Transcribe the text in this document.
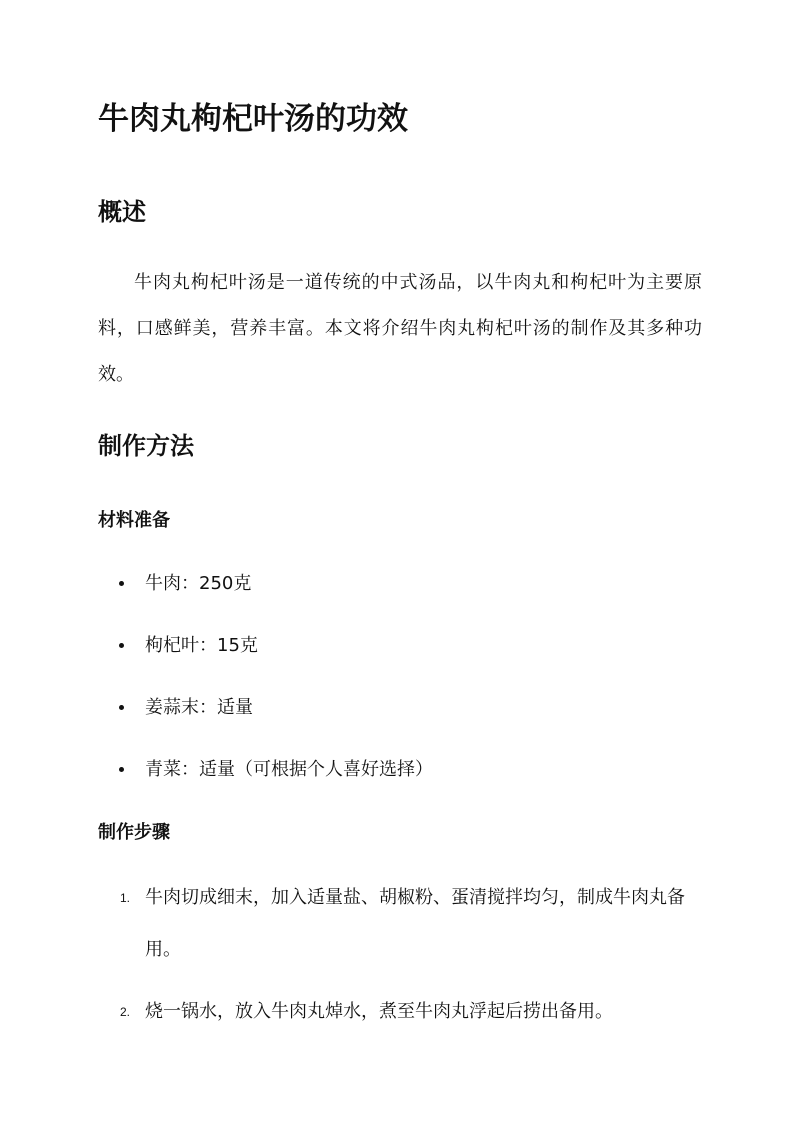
牛肉丸枸杞叶汤的功效
概述

牛肉丸枸杞叶汤是一道传统的中式汤品，以牛肉丸和枸杞叶为主要原料，口感鲜美，营养丰富。本文将介绍牛肉丸枸杞叶汤的制作及其多种功效。

制作方法
材料准备
牛肉：250克
枸杞叶：15克
姜蒜末：适量
青菜：适量（可根据个人喜好选择）
制作步骤
1. 牛肉切成细末，加入适量盐、胡椒粉、蛋清搅拌均匀，制成牛肉丸备用。
2. 烧一锅水，放入牛肉丸焯水，煮至牛肉丸浮起后捞出备用。
